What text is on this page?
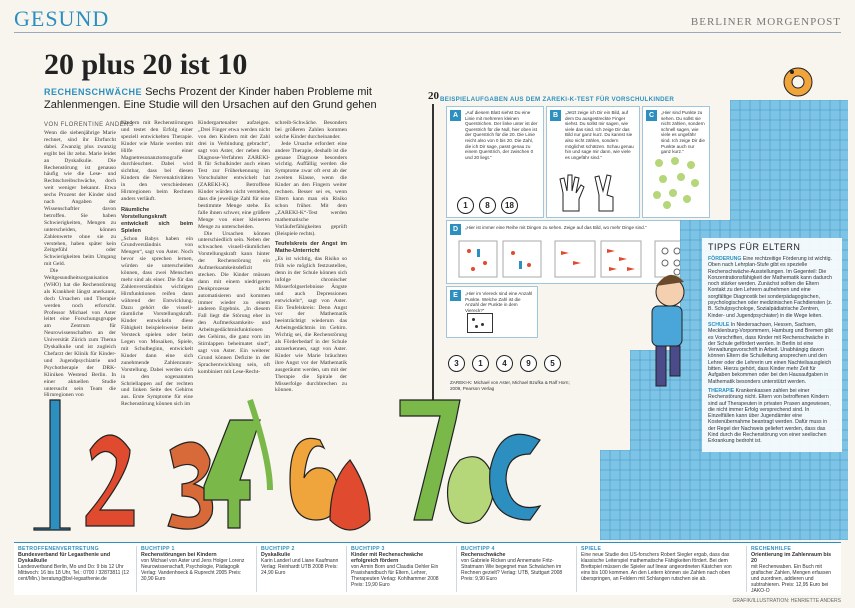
GESUND	BERLINER MORGENPOST
20 plus 20 ist 10
RECHENSCHWÄCHE Sechs Prozent der Kinder haben Probleme mit Zahlenmengen. Eine Studie will den Ursachen auf den Grund gehen
VON FLORENTINE ANDERS

Wenn die siebenjährige Marie rechnet, sind ihr Ehrfurcht dabei. Zwanzig plus zwanzig ergibt bei ihr zehn. Marie leidet an Dyskalkulie. Die Rechenstörung ist genauso häufig wie die Lese- und Rechtschreibschwäche, doch weit weniger bekannt. Etwa sechs Prozent der Kinder sind nach Angaben der Wissenschaftler davon betroffen. Sie haben Schwierigkeiten, Mengen zu unterscheiden, können Zahlenwerte ohne sie zu verstehen, haben später kein Zeitgefühl oder Schwierigkeiten beim Umgang mit Geld.

Die Weltgesundheitsorganisation (WHO) hat die Rechenstörung als Krankheit längst anerkannt, doch Ursachen und Therapie werden noch erforscht. Professor Michael von Aster leitet eine Forschungsgruppe am Zentrum für Neurowissenschaften an der Universität Zürich zum Thema Dyskalkulie und ist zugleich Chefarzt der Klinik für Kinder- und Jugendpsychiatrie und Psychotherapie der DRK-Kliniken Westend Berlin. In einer aktuellen Studie untersucht sein Team die Hirnregionen von

Kindern mit Rechenstörungen und testet den Erfolg einer speziell entwickelten Therapie. Kinder wie Marie werden mit Hilfe einer Magnetresonanztomografie durchleuchtet. Dabei wird sichtbar, dass bei diesen Kindern die Nervenaktivitäten in den verschiedenen Hirnregionen beim Rechnen anders verläuft.

Räumliche Vorstellungskraft entwickelt sich beim Spielen

„Schon Babys haben ein Grundverständnis von Mengen“, sagt von Aster. Noch bevor sie sprechen lernen, würden sie unterscheiden können, dass zwei Menschen mehr sind als einer. Die für das Zahlenverständnis wichtigen Hirnfunktionen reifen dann während der Entwicklung. Dazu gehört die visuell-räumliche Vorstellungskraft. Kinder entwickeln diese Fähigkeit beispielsweise beim Versteck spielen oder beim Legen von Mosaiken, Spiele, mit Schulbeginn, entwickelt Kinder dann eine sich zunehmende Zahlenraum-Vorstellung. Dabei werden sich in den sogenannten Schriellappen auf der rechten und linken Seite des Gehirns aus. Erste Symptome für eine Rechenstörung können sich im

Kindergartenalter aufzeigen. „Drei Finger etwa werden nicht von den Kindern mit der Zahl drei in Verbindung gebracht“, sagt von Aster, der neben den Diagnose-Verfahren ZAREKI-R für Schulkinder auch einen Test zur Früherkennung im Vorschulalter entwickelt hat (ZAREKI-K). Betroffene Kinder würden nicht verstehen, dass die jeweilige Zahl für eine bestimmte Menge stehe. Es falle ihnen schwer, eine größere Menge von einer kleineren Menge zu unterscheiden.

Die Ursachen können unterschiedlich sein. Neben der schwachen visuell-räumlichen Vorstellungskraft kann hinter der Rechenstörung ein Aufmerksamkeitsdefizit stecken. Die Kinder müssen dann mit einem niedrigeren Denkprozesse nicht automatisieren und kommen immer wieder zu einem anderen Ergebnis. „In diesem Fall liegt die Störung eher in den Aufmerksamkeits- und Arbeitsgedächtnisfunktionen des Gehirns, die ganz vorn im Stirnlappen beheimatet sind“, sagt von Aster. Ein weiterer Grund können Defizite in der Sprachentwicklung sein, oft kombiniert mit Lese-Recht-

schreib-Schwäche. Besonders bei größeren Zahlen kommen solche Kinder durcheinander.

Jede Ursache erfordert eine andere Therapie, deshalb ist die genaue Diagnose besonders wichtig. Auffällig werden die Symptome zwar oft erst ab der zweiten Klasse, wenn die Kinder an den Fingern weiter rechnen. Besser sei es, wenn Eltern kann man ein Risiko schon früher. Mit dem „ZAREKI-K“-Test werden mathematische Vorläuferfähigkeiten geprüft (Beispiele rechts).

Teufelskreis der Angst im Mathe-Unterricht

„Es ist wichtig, das Risiko so früh wie möglich festzustellen, denn in der Schule können sich infolge chronischer Misserfolgserlebnisse Ängste und auch Depressionen entwickeln“, sagt von Aster. Ein Teufelskreis: Denn Angst vor der Mathematik beeinträchtigt wiederum das Arbeitsgedächtnis im Gehirn. Wichtig sei, die Rechenstörung als Förderbedarf in der Schule anzuerkennen, sagt von Aster. Kinder wie Marie bräuchten ihre Angst vor der Mathematik ausgeräumt werden, um mit der Therapie die Spirale der Misserfolge durchbrechen zu können.

BEISPIELAUFGABEN AUS DEM ZAREKI-K-TEST FÜR VORSCHULKINDER
20
A	„Auf diesem Blatt siehst Du eine Linie mit mehreren kleinen Querstrichen. Der linke unter ist der Querstrich für die Null, hier oben ist der Querstrich für die 20. Die Linie reicht also von 0 bis 20. Die Zahl, die ich Dir sage, passt genau zu einem Querstrich, der zwischen 0 und 20 liegt.“
1	8	18
B	„Jetzt zeige ich Dir ein Bild, auf dem Du ausgestreckte Finger siehst. Du sollst mir sagen, wie viele das sind. Ich zeige Dir das Bild nur ganz kurz. Du kannst sie also nicht zählen, sondern möglichst schätzen. Schau genau hin und sage mir dann, wie viele es ungefähr sind.“
C	„Hier sind Punkte zu sehen. Du sollst sie nicht zählen, sondern schnell sagen, wie viele es ungefähr sind. Ich zeige Dir die Punkte auch nur ganz kurz.“
D	„Hier ist immer eine Reihe mit Dingen zu sehen. Zeige auf das Bild, wo mehr Dinge sind.“
E	„Hier im Viereck sind eine Anzahl Punkte. Welche Zahl ist die Anzahl der Punkte in dem Viereck?“
3	1	4	9	5
ZAREKI-K: Michael von Aster, Michael Bzufka & Ralf Horn; 2009, Pearson Verlag
TIPPS FÜR ELTERN

FÖRDERUNG Eine rechtzeitige Förderung ist wichtig. Oben nach Lehrplan-Stufe gibt es spezielle Rechenschwäche-Ausstellungen. Im Gegenteil: Die Konzentrationsfähigkeit der Mathematik kann dadurch noch stärker werden. Zunächst sollten die Eltern Kontakt zu den Lehrern aufnehmen und eine sorgfältige Diagnostik bei sonderpädagogischen, psychologischen oder medizinischen Fachdiensten (z. B. Schulpsychologe, Sozialpädiatrische Zentren, Kinder- und Jugendpsychiater) in die Wege leiten.

SCHULE In Niedersachsen, Hessen, Sachsen, Mecklenburg-Vorpommern, Hamburg und Bremen gibt es Vorschriften, dass Kinder mit Rechenschwäche in der Schule gefördert werden. In Berlin ist eine Verwaltungsvorschrift in Arbeit. Unabhängig davon können Eltern die Schulleitung ansprechen und den Lehrer oder die Lehrerin um einen Nachteilsausgleich bitten. Hierzu gehört, dass Kinder mehr Zeit für Aufgaben bekommen oder bei den Hausaufgaben in Mathematik besonders unterstützt werden.

THERAPIE Krankenkassen zahlen bei einer Rechenstörung nicht. Eltern von betroffenen Kindern sind auf Therapeuten in privaten Praxen angewiesen, die nicht immer Erfolg versprechend sind. In Einzelfällen kann über Jugendämter eine Kostenübernahme beantragt werden. Dafür muss in der Regel der Nachweis geliefert werden, dass das Kind durch die Rechenstörung von einer seelischen Erkrankung bedroht ist.

BETROFFENENVERTRETUNG
Bundesverband für Legasthenie und Dyskalkulie
Landesverband Berlin, Mo und Do: 9 bis 12 Uhr Mittwoch: 16 bis 18 Uhr, Tel.: 0700 / 32873811 (12 cent/Min.) beratung@bvl-legasthenie.de
BUCHTIPP 1
Rechenstörungen bei Kindern
von Michael von Aster und Jens Holger Lorenz Neurowissenschaft, Psychologie, Pädagogik Verlag: Vandenhoeck & Ruprecht 2005 Preis: 30,90 Euro
BUCHTIPP 2
Dyskalkulie
Karin Landerl und Liane Kaufmann Verlag: Reinhardt UTB 2008 Preis: 24,90 Euro
BUCHTIPP 3
Kinder mit Rechenschwäche erfolgreich fördern
von Armin Born und Claudia Oehler Ein Praxishandbuch für Eltern, Lehrer, Therapeuten Verlag: Kohlhammer 2008 Preis: 19,90 Euro
BUCHTIPP 4
Rechenschwäche
von Gabriele Ricken und Annemarie Fritz-Stratmann Wie begegnet man Schwächen im Rechnen gezielt? Verlag: UTB, Stuttgart 2008 Preis: 9,90 Euro
SPIELE
Eine neue Studie des US-forschers Robert Siegler ergab, dass das klassische Leiterspiel mathematische Fähigkeiten fördert. Bei dem Brettspiel müssen die Spieler auf linear angeordneten Kästchen von eins bis 100 kommen. An den Leitern können sie Zahlen nach oben überspringen, an Feldern mit Schlangen rutschen sie ab.
RECHENHILFE
Orientierung im Zahlenraum bis 20
mit Rechenwaben. Ein Buch mit grafischer Zahlen, Mengen erfassen und zuordnen, addieren und subtrahieren. Preis: 12,95 Euro bei JAKO-O
GRAFIK/ILLUSTRATION: HENRIETTE ANDERS
